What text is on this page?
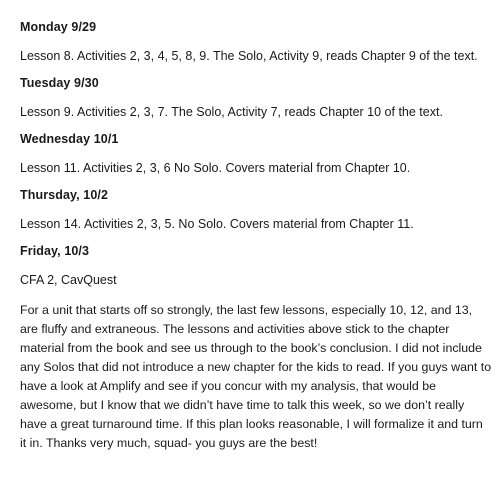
Monday 9/29

Lesson 8. Activities 2, 3, 4, 5, 8, 9. The Solo, Activity 9, reads Chapter 9 of the text.

Tuesday 9/30

Lesson 9. Activities 2, 3, 7. The Solo, Activity 7, reads Chapter 10 of the text.

Wednesday 10/1

Lesson 11. Activities 2, 3, 6 No Solo. Covers material from Chapter 10.

Thursday, 10/2

Lesson 14. Activities 2, 3, 5. No Solo. Covers material from Chapter 11.

Friday, 10/3

CFA 2, CavQuest

For a unit that starts off so strongly, the last few lessons, especially 10, 12, and 13, are fluffy and extraneous. The lessons and activities above stick to the chapter material from the book and see us through to the book’s conclusion. I did not include any Solos that did not introduce a new chapter for the kids to read. If you guys want to have a look at Amplify and see if you concur with my analysis, that would be awesome, but I know that we didn’t have time to talk this week, so we don’t really have a great turnaround time. If this plan looks reasonable, I will formalize it and turn it in. Thanks very much, squad- you guys are the best!
